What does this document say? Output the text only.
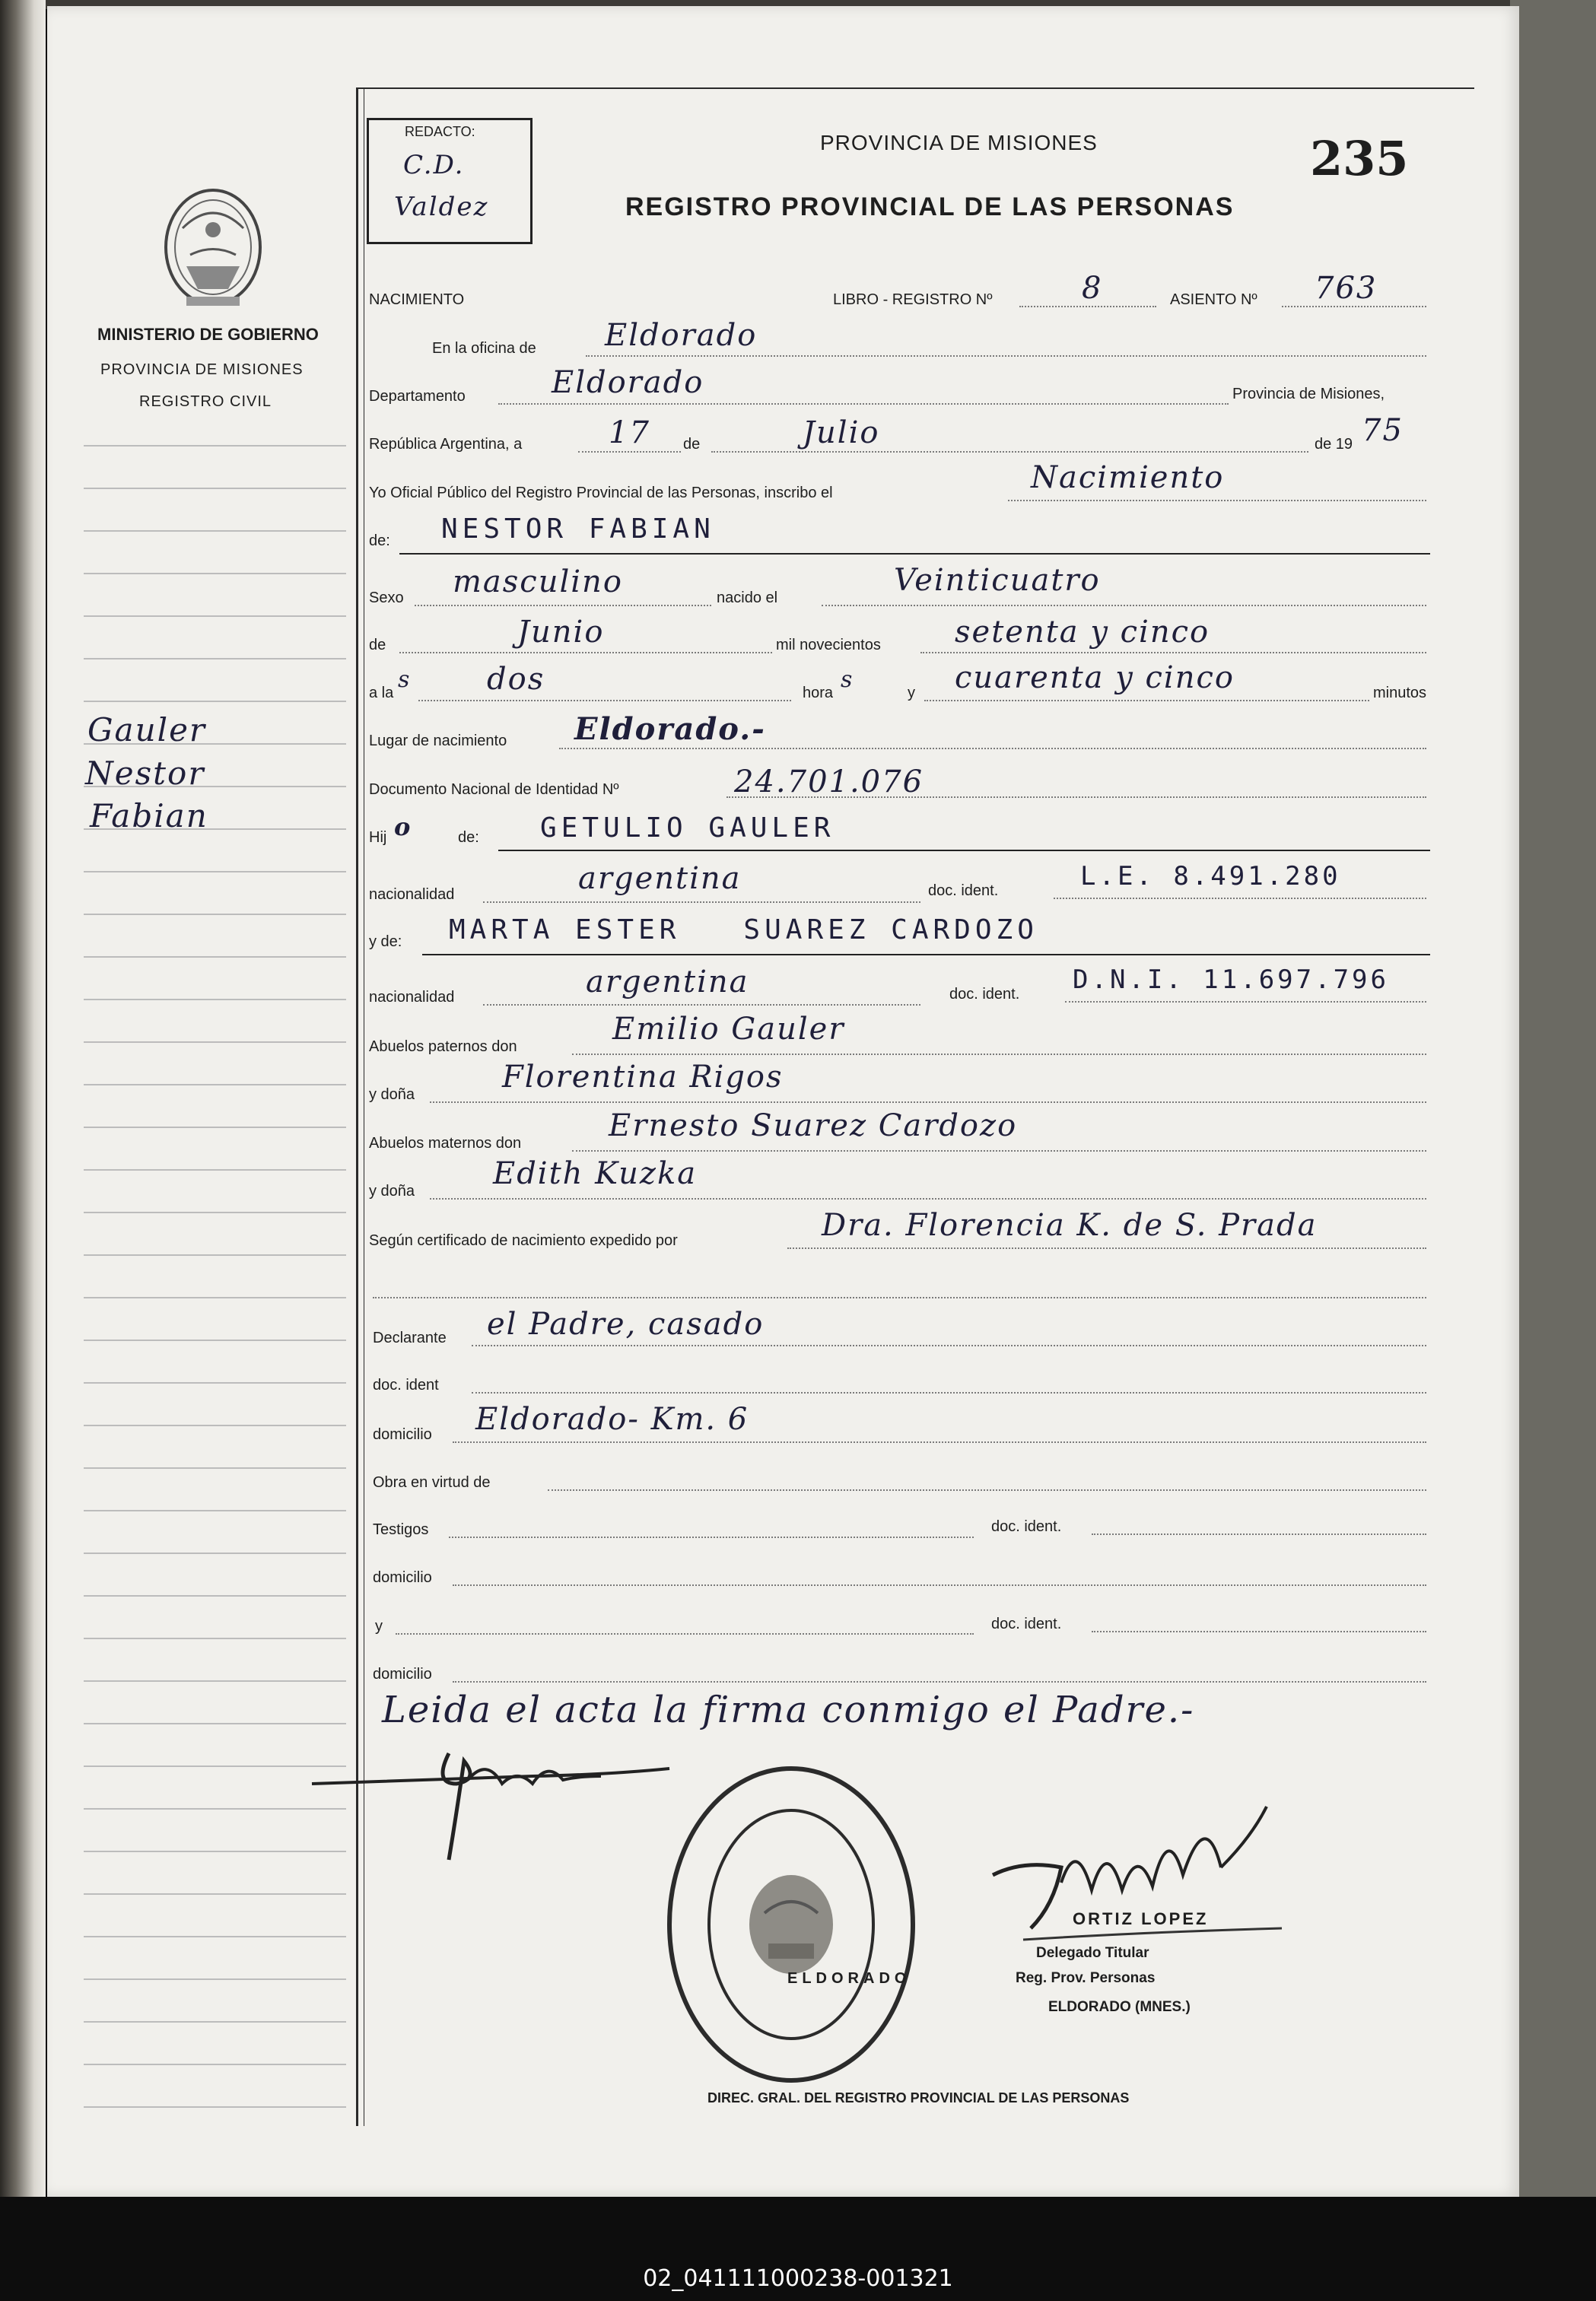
MINISTERIO DE GOBIERNO
PROVINCIA DE MISIONES
REGISTRO CIVIL
Gauler
Nestor
Fabian
REDACTO:
C.D.
Valdez
PROVINCIA DE MISIONES
REGISTRO PROVINCIAL DE LAS PERSONAS
235
NACIMIENTO	LIBRO - REGISTRO Nº	8	ASIENTO Nº 763
En la oficina de Eldorado
Departamento	Eldorado	Provincia de Misiones,
República Argentina, a	17 de	Julio	de 19 75
Yo Oficial Público del Registro Provincial de las Personas, inscribo el	Nacimiento
de: NESTOR FABIAN
Sexo masculino	nacido el	Veinticuatro
de	Junio	mil novecientos setenta y cinco
a la s dos	hora s	y cuarenta y cinco	minutos
Lugar de nacimiento Eldorado.-
Documento Nacional de Identidad Nº	24.701.076
Hij o	de: GETULIO GAULER
nacionalidad	argentina	doc. ident.	L.E. 8.491.280
y de: MARTA ESTER   SUAREZ CARDOZO
nacionalidad	argentina	doc. ident. D.N.I. 11.697.796
Abuelos paternos don	Emilio Gauler
y doña	Florentina Rigos
Abuelos maternos don	Ernesto Suarez Cardozo
y doña	Edith Kuzka
Según certificado de nacimiento expedido por	Dra. Florencia K. de S. Prada
Declarante el Padre, casado
doc. ident
domicilio Eldorado- Km. 6
Obra en virtud de
Testigos	doc. ident.
domicilio
y	doc. ident.
domicilio
Leida el acta la firma conmigo el Padre.-
DIREC. GRAL. DEL REGISTRO PROVINCIAL DE LAS PERSONAS
ELDORADO
ORTIZ LOPEZ
Delegado Titular
Reg. Prov. Personas
ELDORADO (MNES.)
02_041111000238-001321
